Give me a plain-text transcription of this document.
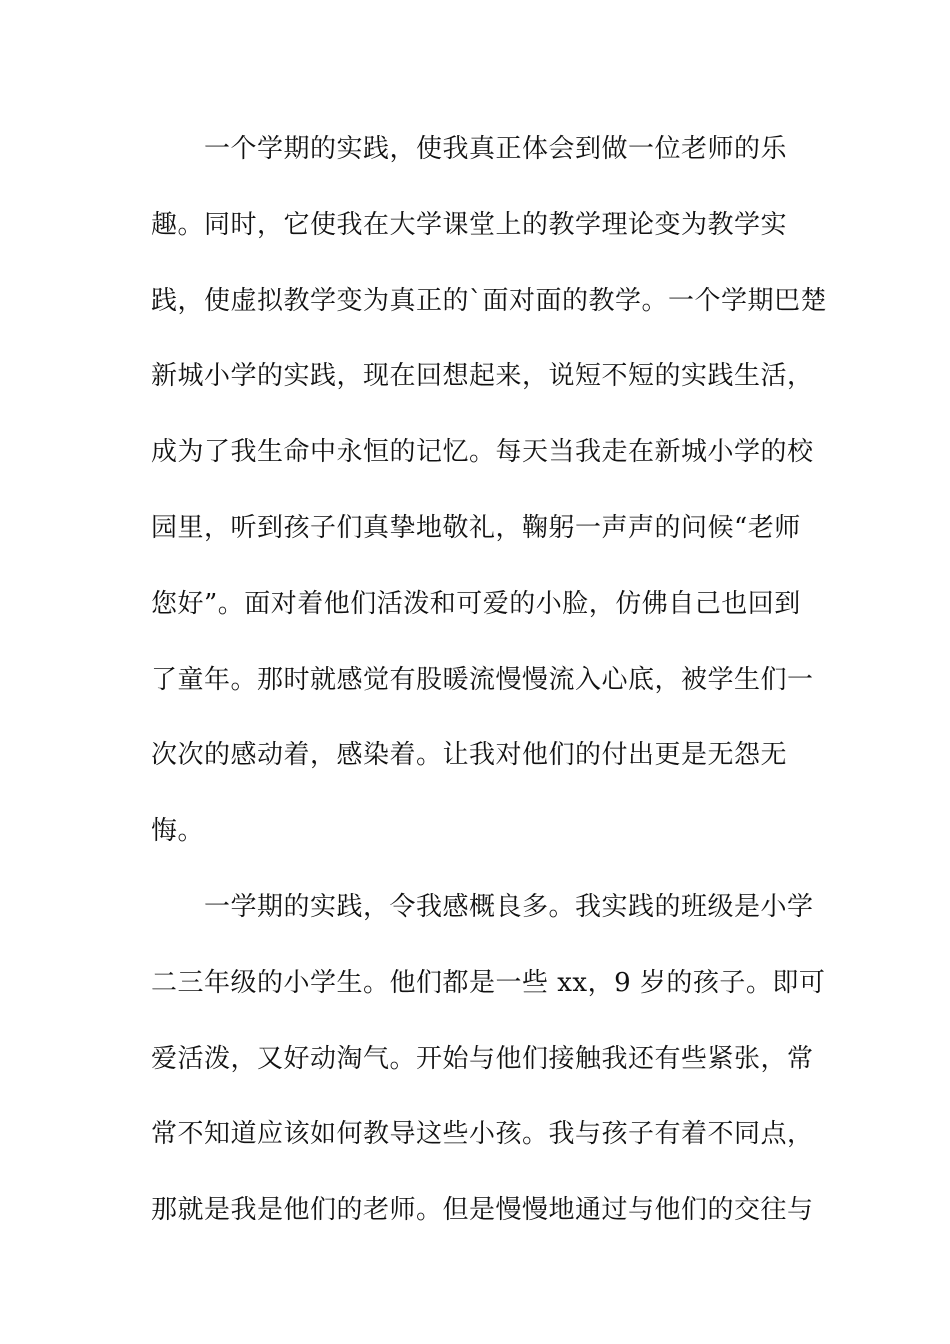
　　一个学期的实践，使我真正体会到做一位老师的乐
趣。同时，它使我在大学课堂上的教学理论变为教学实
践，使虚拟教学变为真正的`面对面的教学。一个学期巴楚
新城小学的实践，现在回想起来，说短不短的实践生活，
成为了我生命中永恒的记忆。每天当我走在新城小学的校
园里，听到孩子们真挚地敬礼，鞠躬一声声的问候“老师
您好”。面对着他们活泼和可爱的小脸，仿佛自己也回到
了童年。那时就感觉有股暖流慢慢流入心底，被学生们一
次次的感动着，感染着。让我对他们的付出更是无怨无
悔。
　　一学期的实践，令我感概良多。我实践的班级是小学
二三年级的小学生。他们都是一些 xx，9 岁的孩子。即可
爱活泼，又好动淘气。开始与他们接触我还有些紧张，常
常不知道应该如何教导这些小孩。我与孩子有着不同点，
那就是我是他们的老师。但是慢慢地通过与他们的交往与
